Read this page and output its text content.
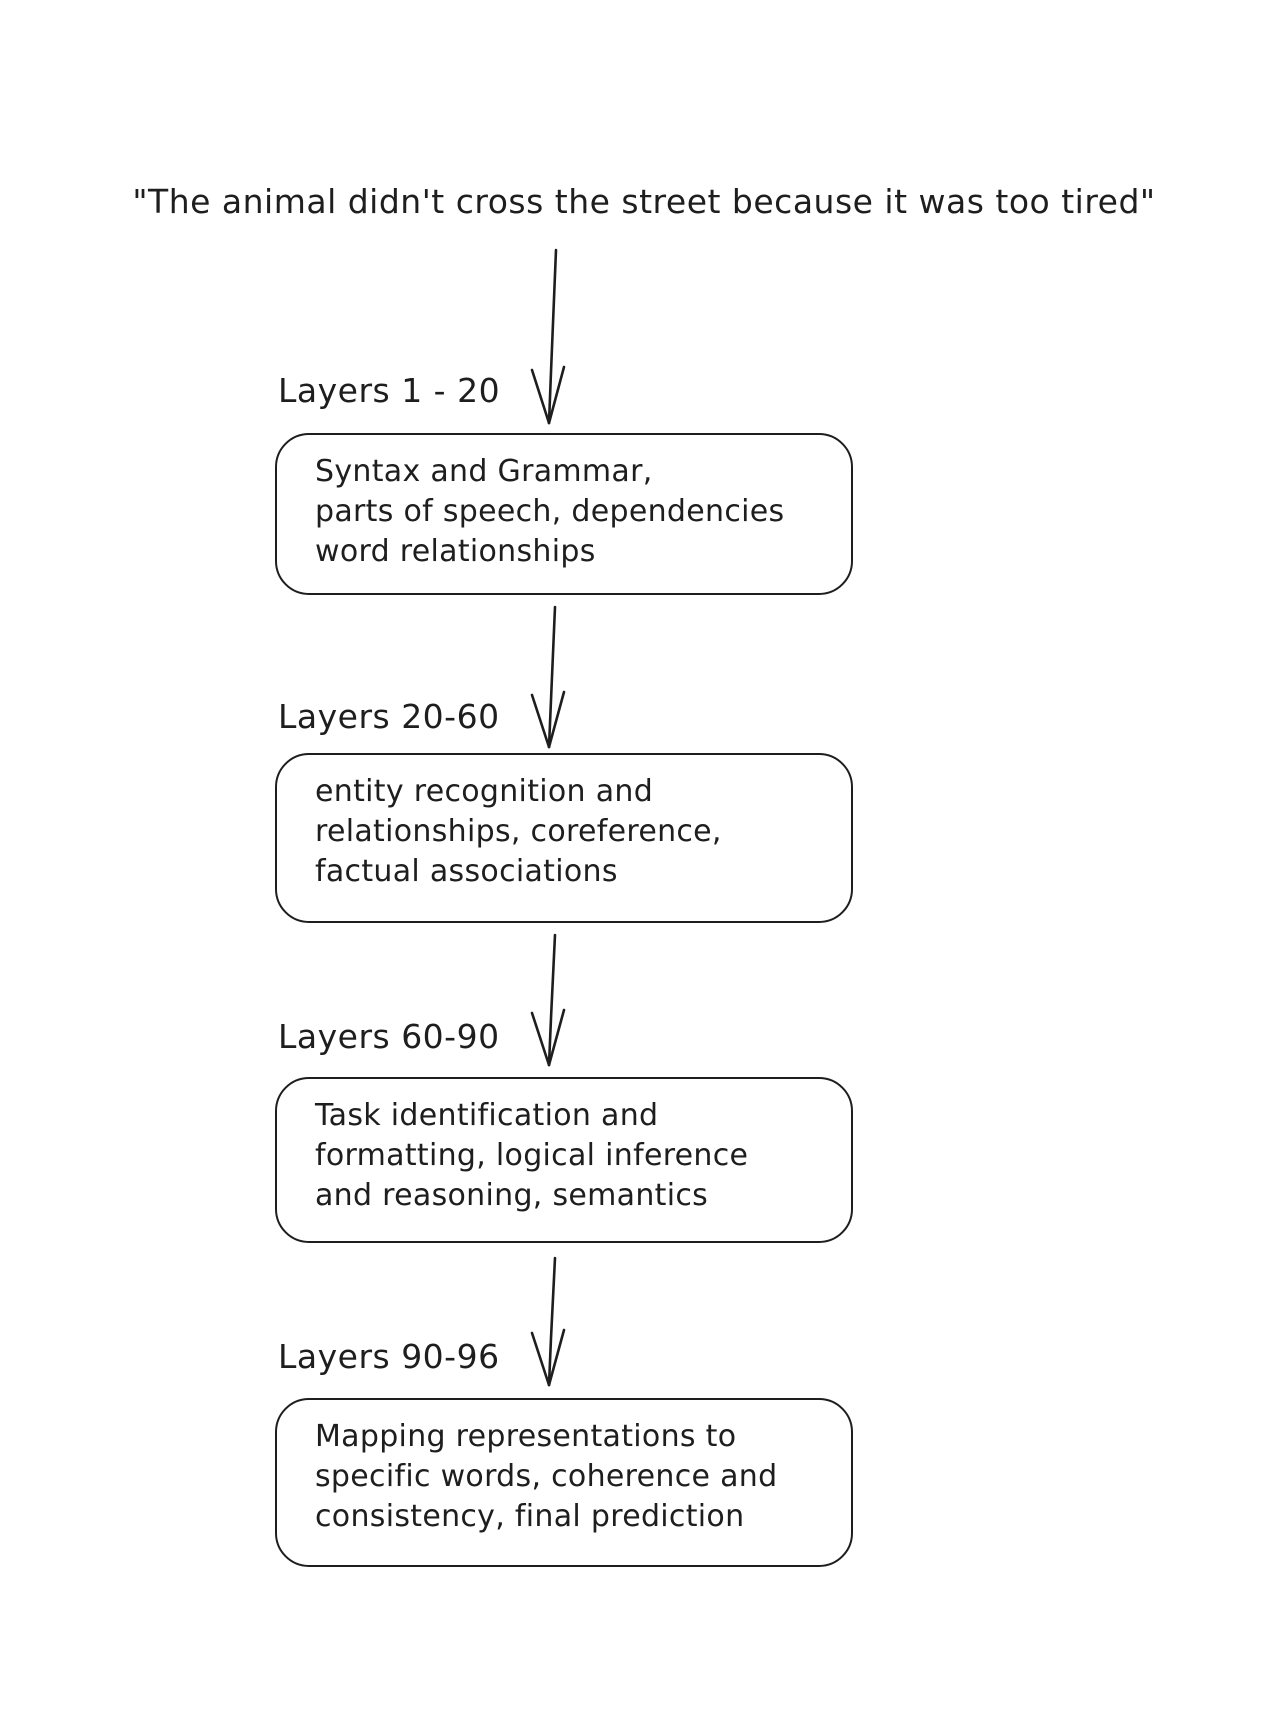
"The animal didn't cross the street because it was too tired"
Layers 1 - 20
Syntax and Grammar,
parts of speech, dependencies
word relationships
Layers 20-60
entity recognition and
relationships, coreference,
factual associations
Layers 60-90
Task identification and
formatting, logical inference
and reasoning, semantics
Layers 90-96
Mapping representations to
specific words, coherence and
consistency, final prediction
